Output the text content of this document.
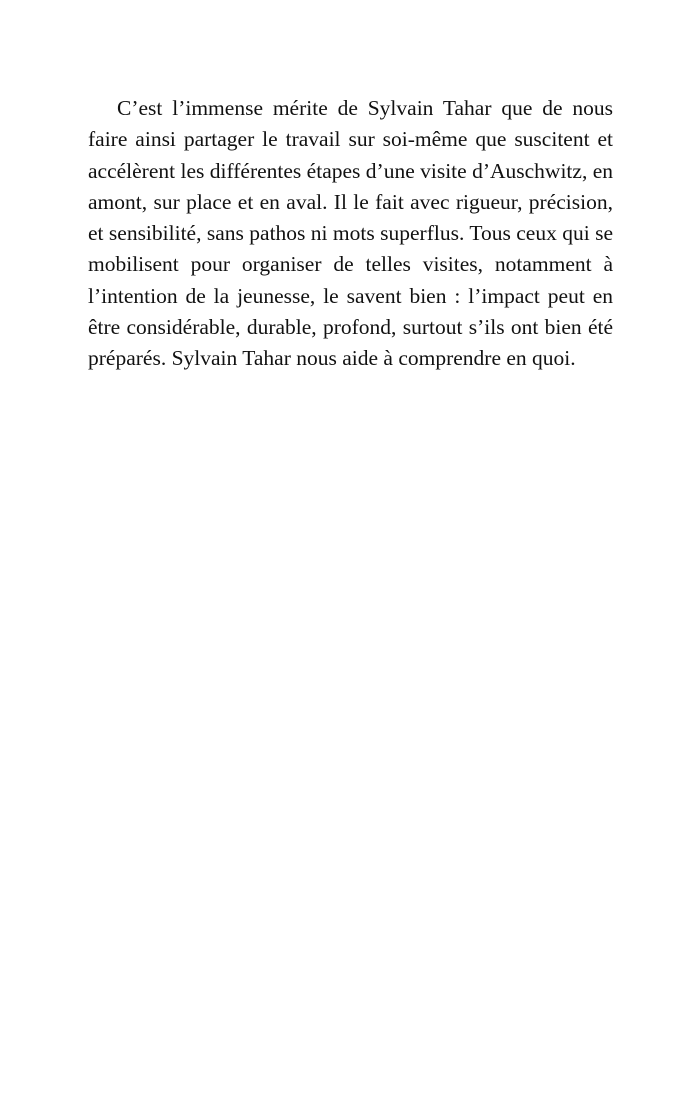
C’est l’immense mérite de Sylvain Tahar que de nous faire ainsi partager le travail sur soi-même que suscitent et accélèrent les différentes étapes d’une visite d’Auschwitz, en amont, sur place et en aval. Il le fait avec rigueur, précision, et sensibilité, sans pathos ni mots superflus. Tous ceux qui se mobilisent pour organiser de telles visites, notamment à l’intention de la jeunesse, le savent bien : l’impact peut en être considérable, durable, profond, surtout s’ils ont bien été préparés. Sylvain Tahar nous aide à comprendre en quoi.
